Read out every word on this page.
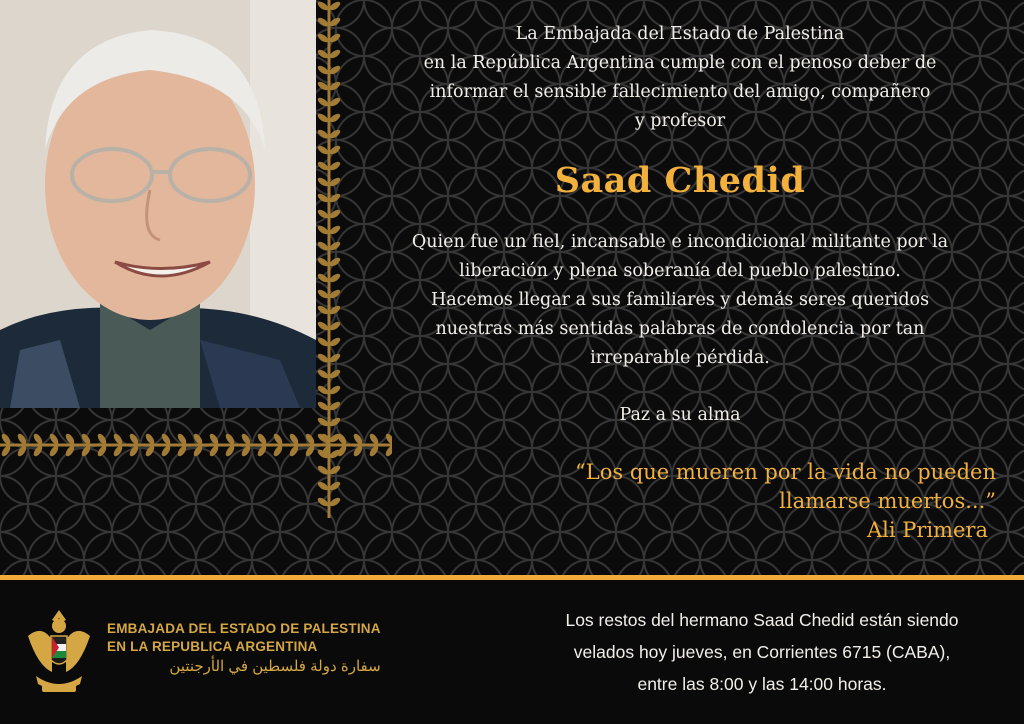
La Embajada del Estado de Palestina
en la República Argentina cumple con el penoso deber de
informar el sensible fallecimiento del amigo, compañero
y profesor
Saad Chedid
Quien fue un fiel, incansable e incondicional militante por la
liberación y plena soberanía del pueblo palestino.
Hacemos llegar a sus familiares y demás seres queridos
nuestras más sentidas palabras de condolencia por tan
irreparable pérdida.
Paz a su alma
“Los que mueren por la vida no pueden
llamarse muertos...”
Ali Primera
EMBAJADA DEL ESTADO DE PALESTINA
EN LA REPUBLICA ARGENTINA
سفارة دولة فلسطين في الأرجنتين
Los restos del hermano Saad Chedid están siendo
velados hoy jueves, en Corrientes 6715 (CABA),
entre las 8:00 y las 14:00 horas.
